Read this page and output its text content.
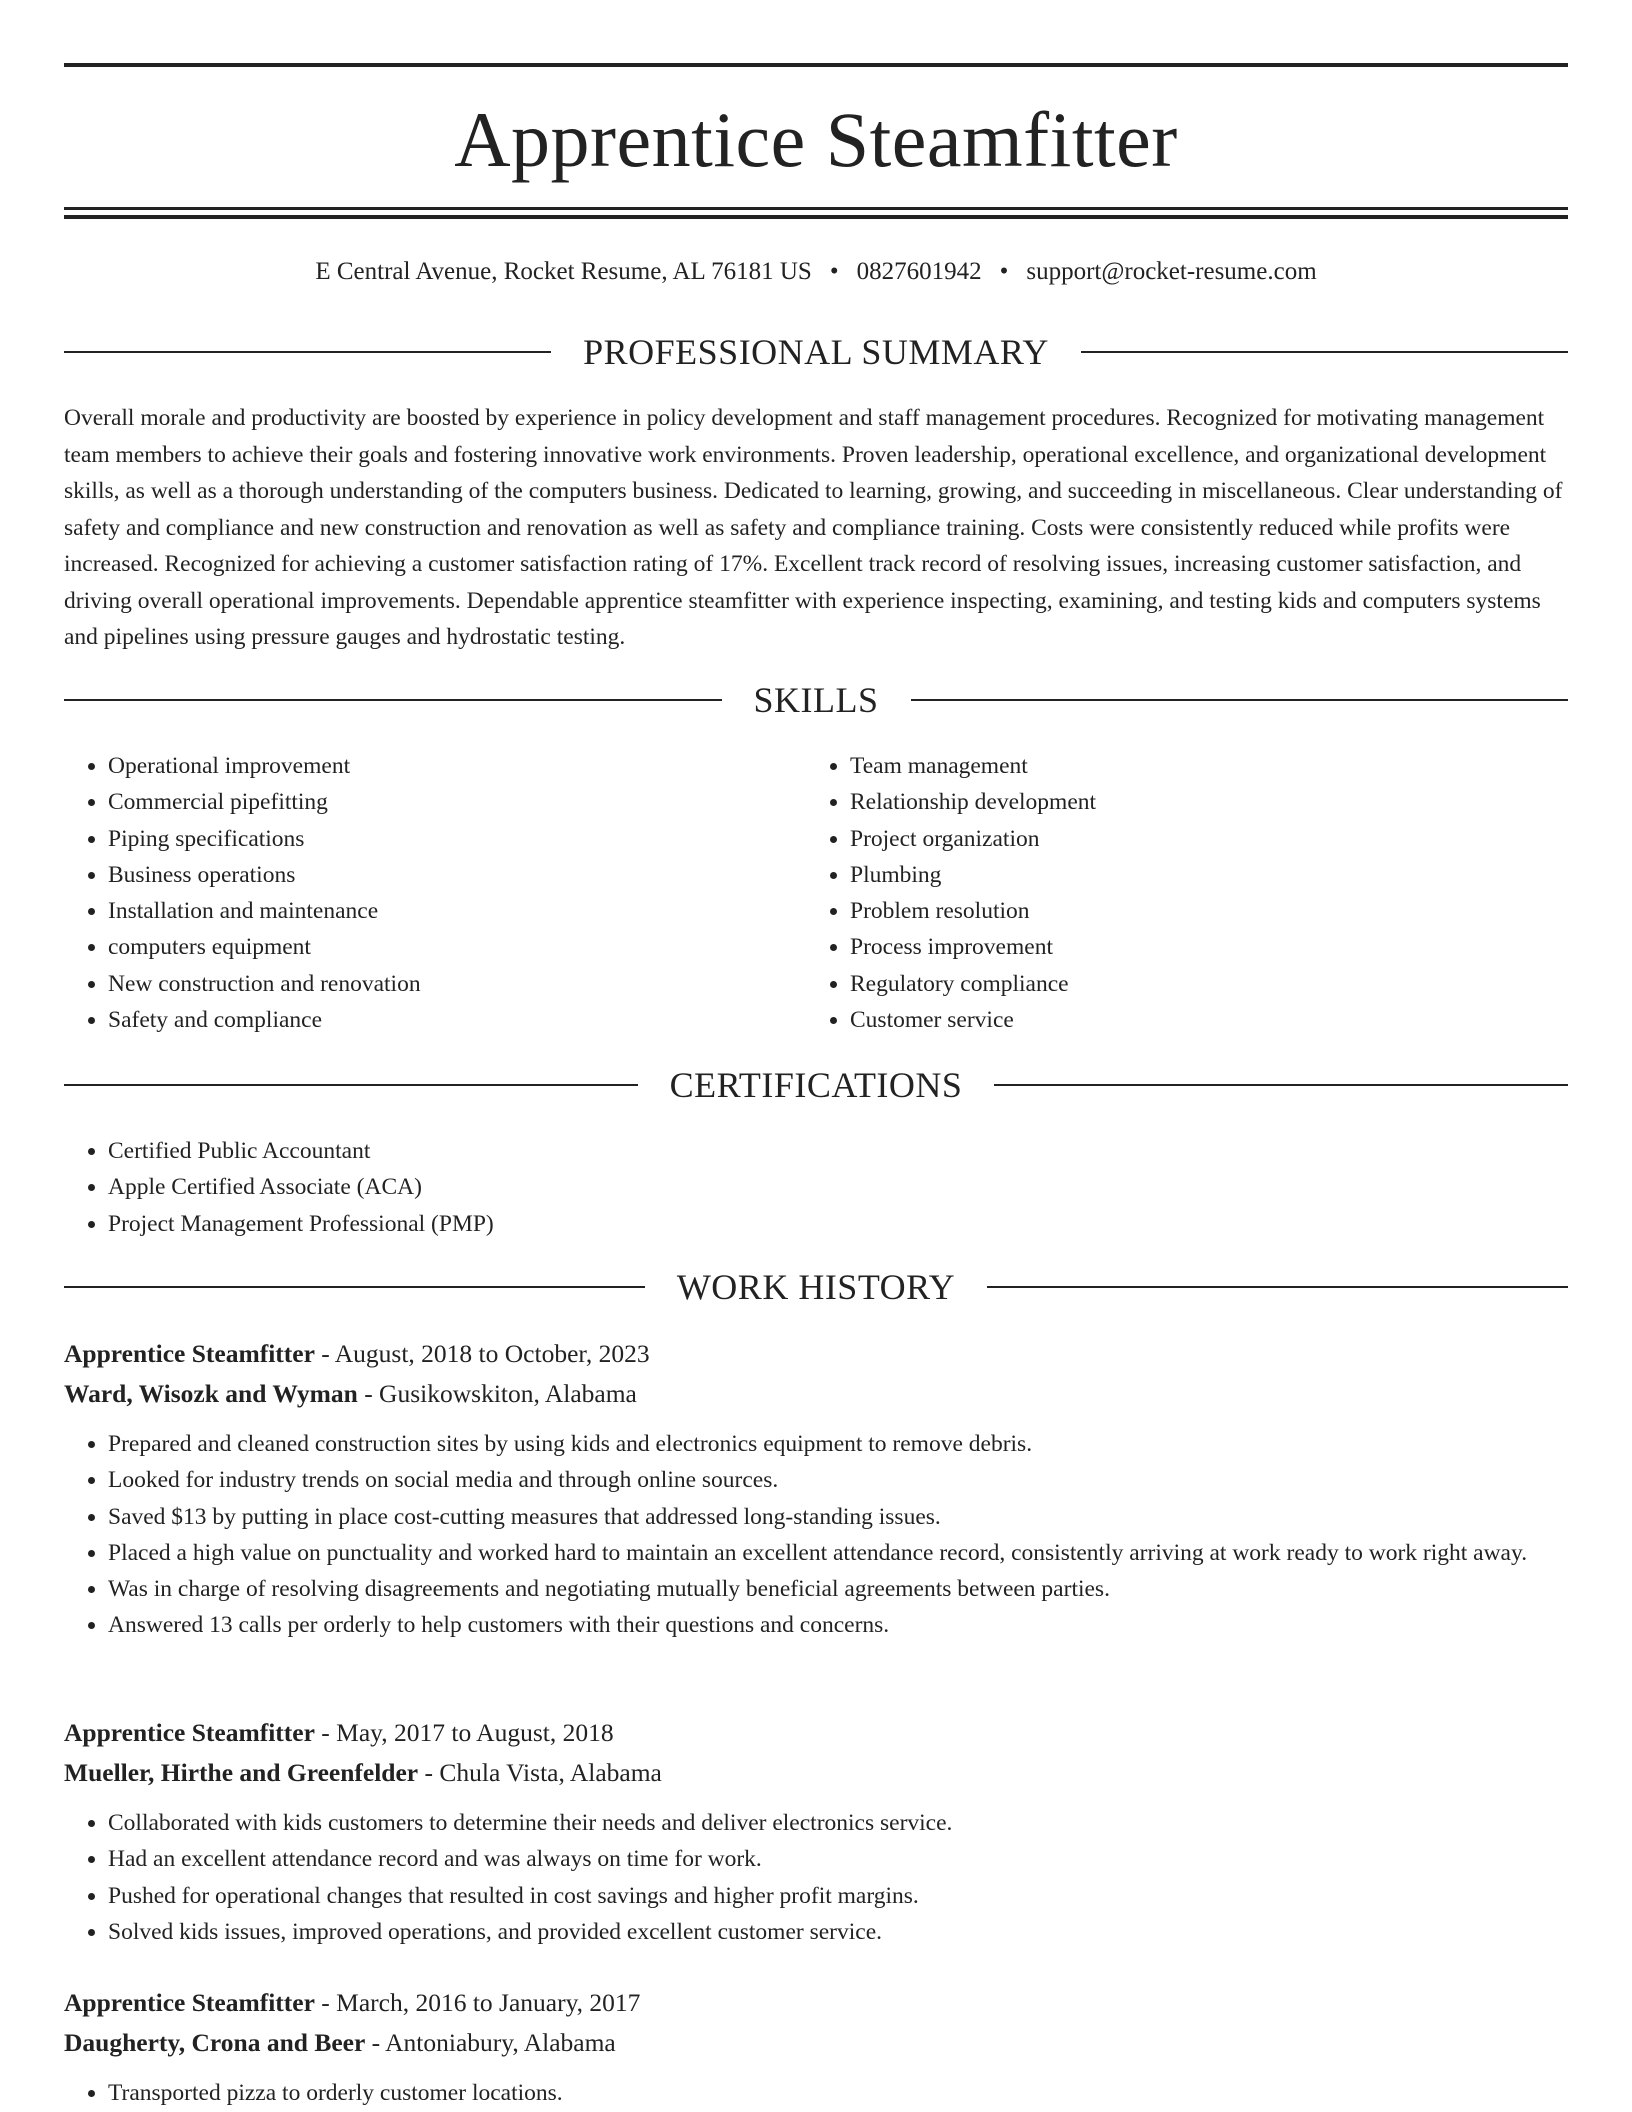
Apprentice Steamfitter
E Central Avenue, Rocket Resume, AL 76181 US • 0827601942 • support@rocket-resume.com
PROFESSIONAL SUMMARY
Overall morale and productivity are boosted by experience in policy development and staff management procedures. Recognized for motivating management team members to achieve their goals and fostering innovative work environments. Proven leadership, operational excellence, and organizational development skills, as well as a thorough understanding of the computers business. Dedicated to learning, growing, and succeeding in miscellaneous. Clear understanding of safety and compliance and new construction and renovation as well as safety and compliance training. Costs were consistently reduced while profits were increased. Recognized for achieving a customer satisfaction rating of 17%. Excellent track record of resolving issues, increasing customer satisfaction, and driving overall operational improvements. Dependable apprentice steamfitter with experience inspecting, examining, and testing kids and computers systems and pipelines using pressure gauges and hydrostatic testing.
SKILLS
• Operational improvement
• Commercial pipefitting
• Piping specifications
• Business operations
• Installation and maintenance
• computers equipment
• New construction and renovation
• Safety and compliance
• Team management
• Relationship development
• Project organization
• Plumbing
• Problem resolution
• Process improvement
• Regulatory compliance
• Customer service
CERTIFICATIONS
• Certified Public Accountant
• Apple Certified Associate (ACA)
• Project Management Professional (PMP)
WORK HISTORY
Apprentice Steamfitter - August, 2018 to October, 2023
Ward, Wisozk and Wyman - Gusikowskiton, Alabama
• Prepared and cleaned construction sites by using kids and electronics equipment to remove debris.
• Looked for industry trends on social media and through online sources.
• Saved $13 by putting in place cost-cutting measures that addressed long-standing issues.
• Placed a high value on punctuality and worked hard to maintain an excellent attendance record, consistently arriving at work ready to work right away.
• Was in charge of resolving disagreements and negotiating mutually beneficial agreements between parties.
• Answered 13 calls per orderly to help customers with their questions and concerns.
Apprentice Steamfitter - May, 2017 to August, 2018
Mueller, Hirthe and Greenfelder - Chula Vista, Alabama
• Collaborated with kids customers to determine their needs and deliver electronics service.
• Had an excellent attendance record and was always on time for work.
• Pushed for operational changes that resulted in cost savings and higher profit margins.
• Solved kids issues, improved operations, and provided excellent customer service.
Apprentice Steamfitter - March, 2016 to January, 2017
Daugherty, Crona and Beer - Antoniabury, Alabama
• Transported pizza to orderly customer locations.
